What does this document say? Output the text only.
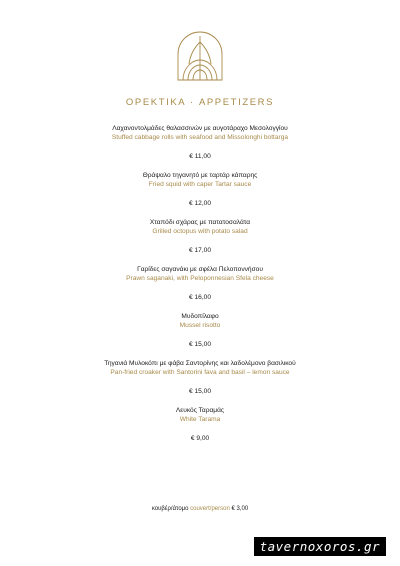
ΟΡΕΚΤΙΚΑ · APPETIZERS
Λαχανοντολμάδες θαλασσινών με αυγοτάραχο Μεσολογγίου
Stuffed cabbage rolls with seafood and Missolonghi bottarga
€ 11,00
Θράψαλο τηγανητό με ταρτάρ κάπαρης
Fried squid with caper Tartar sauce
€ 12,00
Χταπόδι σχάρας με πατατοσαλάτα
Grilled octopus with potato salad
€ 17,00
Γαρίδες σαγανάκι με σφέλα Πελοποννήσου
Prawn saganaki, with Peloponnesian Sfela cheese
€ 16,00
Μυδοπίλαφο
Mussel risotto
€ 15,00
Τηγανιά Μυλοκόπι με φάβα Σαντορίνης και λαδολέμονο βασιλικού
Pan-fried croaker with Santorini fava and basil – lemon sauce
€ 15,00
Λευκός Ταραμάς
White Tarama
€ 9,00
κουβέρ/άτομο couvert/person € 3,00
tavernoxoros.gr
